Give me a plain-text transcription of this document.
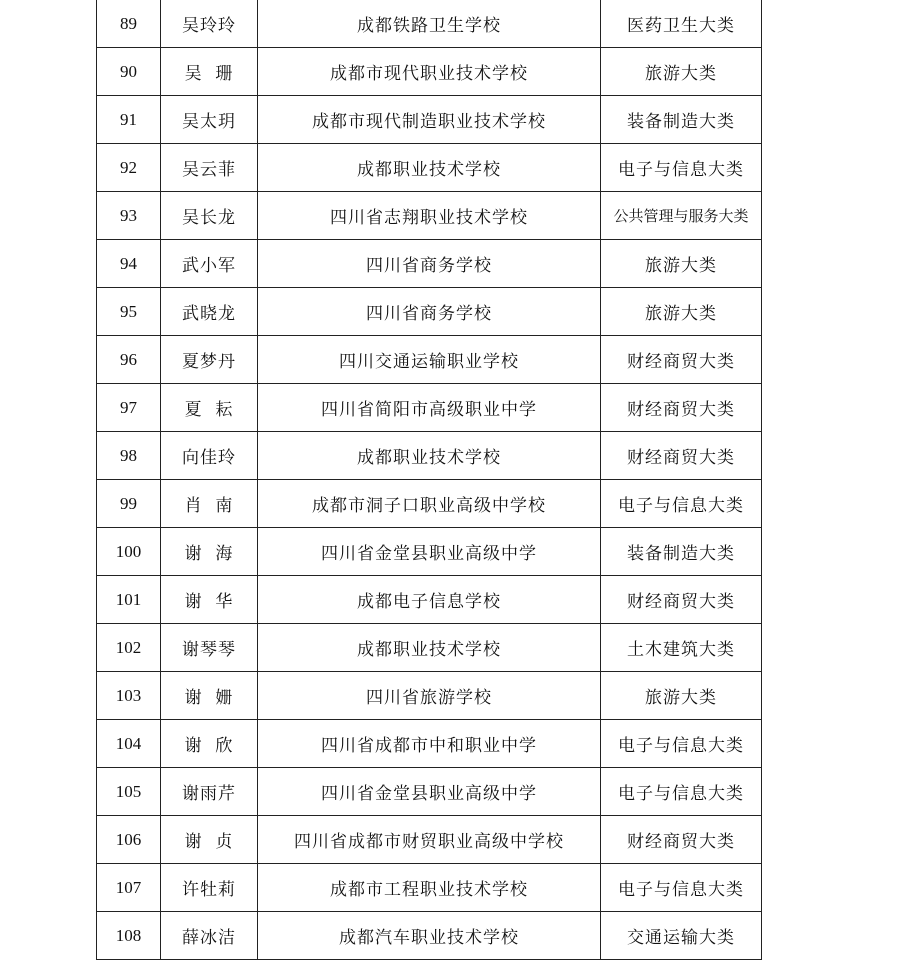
89	吴玲玲	成都铁路卫生学校	医药卫生大类
90	吴  珊	成都市现代职业技术学校	旅游大类
91	吴太玥	成都市现代制造职业技术学校	装备制造大类
92	吴云菲	成都职业技术学校	电子与信息大类
93	吴长龙	四川省志翔职业技术学校	公共管理与服务大类
94	武小军	四川省商务学校	旅游大类
95	武晓龙	四川省商务学校	旅游大类
96	夏梦丹	四川交通运输职业学校	财经商贸大类
97	夏  耘	四川省简阳市高级职业中学	财经商贸大类
98	向佳玲	成都职业技术学校	财经商贸大类
99	肖  南	成都市洞子口职业高级中学校	电子与信息大类
100	谢  海	四川省金堂县职业高级中学	装备制造大类
101	谢  华	成都电子信息学校	财经商贸大类
102	谢琴琴	成都职业技术学校	土木建筑大类
103	谢  姗	四川省旅游学校	旅游大类
104	谢  欣	四川省成都市中和职业中学	电子与信息大类
105	谢雨芹	四川省金堂县职业高级中学	电子与信息大类
106	谢  贞	四川省成都市财贸职业高级中学校	财经商贸大类
107	许牡莉	成都市工程职业技术学校	电子与信息大类
108	薛冰洁	成都汽车职业技术学校	交通运输大类
